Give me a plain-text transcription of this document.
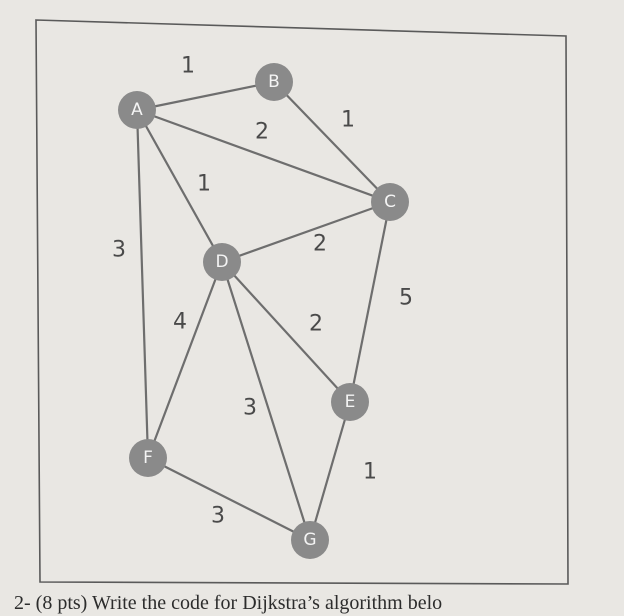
1
1
2
1
3	2
5
2
4
3
1
3
A
B
C
D
E
F
G
2- (8 pts) Write the code for Dijkstra’s algorithm belo
